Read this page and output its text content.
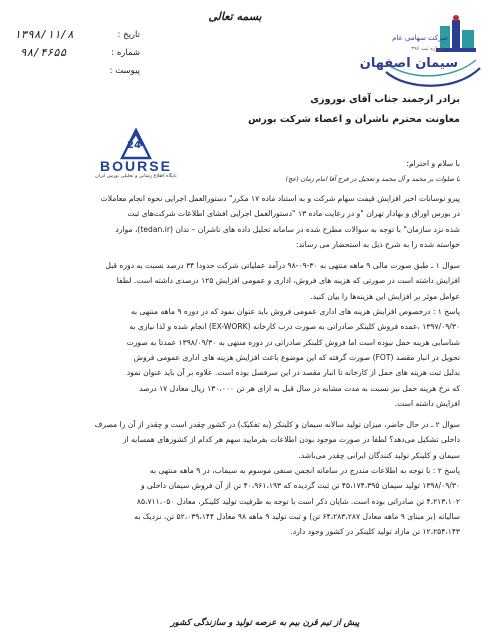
بسمه تعالی
تاریخ :
۱۳۹۸/۱۱/۸
شماره :
۹۸/۴۶۵۵
پیوست :
شرکت سهامی عام
سیمان اصفهان
شماره ثبت ۳۹۶
برادر ارجمند جناب آقای نوروزی
معاونت محترم ناشران و اعضاء شرکت بورس
24
BOURSE
پایگاه اطلاع رسانی و تحلیلی بورس ایران
با سلام و احترام؛
با صلوات بر محمد و آل محمد و تعجیل در فرج آقا امام زمان (عج)
پیرو نوسانات اخیر افزایش قیمت سهام شرکت و به استناد ماده ۱۷ مکرر" دستورالعمل اجرایی نحوه انجام معاملات
در بورس اوراق و بهادار تهران "و در رعایت ماده ۱۳ "دستورالعمل اجرایی افشای اطلاعات شرکت‌های ثبت
شده نزد سازمان" با توجه به سوالات مطرح شده در سامانه تحلیل داده های ناشران – تدان (tedan.ir)، موارد
خواسته شده را به شرح ذیل به استحضار می رساند:
سوال ۱ ـ طبق صورت مالی ۹ ماهه منتهی به ۳۰-۰۹-۹۸ درآمد عملیاتی شرکت حدودا ۳۴ درصد نسبت به دوره قبل
افزایش داشته است در صورتی که هزینه های فروش، اداری و عمومی افزایش ۱۲۵ درصدی داشته است. لطفا
عوامل موثر بر افزایش این هزینه‌ها را بیان کنید.
پاسخ ۱ : درخصوص افزایش هزینه های اداری عمومی فروش باید عنوان نمود که در دوره ۹ ماهه منتهی به
۱۳۹۷/۰۹/۳۰ ،عمده فروش کلینکر صادراتی به صورت درب کارخانه (EX-WORK) انجام شده و لذا نیازی به
شناسایی هزینه حمل نبوده است اما فروش کلینکر صادراتی در دوره منتهی به ۱۳۹۸/۰۹/۳۰ عمدتا به صورت
تحویل در انبار مقصد (FOT) صورت گرفته که این موضوع باعث افزایش هزینه های اداری عمومی فروش
بدلیل ثبت هزینه های حمل از کارخانه تا انبار مقصد در این سرفصل بوده است. علاوه بر آن باید عنوان نمود
که نرخ هزینه حمل نیز نسبت به مدت مشابه در سال قبل به ازای هر تن ۱۳۰،۰۰۰ ریال معادل ۱۷ درصد
افزایش داشته است.
سوال ۲ ـ در حال حاضر، میزان تولید سالانه سیمان و کلینکر (به تفکیک) در کشور چقدر است و چقدر از آن را مصرف
داخلی تشکیل می‌دهد؟ لطفا در صورت موجود بودن اطلاعات بفرمایید سهم هر کدام از کشورهای همسایه از
سیمان و کلینکر تولید کنندگان ایرانی چقدر می‌باشد.
پاسخ ۲ : با توجه به اطلاعات مندرج در سامانه انجمن صنفی موسوم به سیماب، در ۹ ماهه منتهی به
۱۳۹۸/۰۹/۳۰ تولید سیمان ۴۵،۱۷۴،۳۹۵ تن ثبت گردیده که ۴۰،۹۶۱،۱۹۳ تن از آن فروش سیمان داخلی و
۴،۲۱۳،۱۰۲ تن صادراتی بوده است. شایان ذکر است با توجه به ظرفیت تولید کلینکر، معادل ۸۵،۷۱۱،۰۵۰
سالیانه (بر مبنای ۹ ماهه معادل ۶۴،۲۸۳،۲۸۷ تن) و ثبت تولید ۹ ماهه ۹۸ معادل ۵۲،۰۳۹،۱۴۴ تن، نزدیک به
۱۲،۲۵۴،۱۴۳ تن مازاد تولید کلینکر در کشور وجود دارد.
پیش از تیم قرن بیم به عرصه تولید و سازندگی کشور
